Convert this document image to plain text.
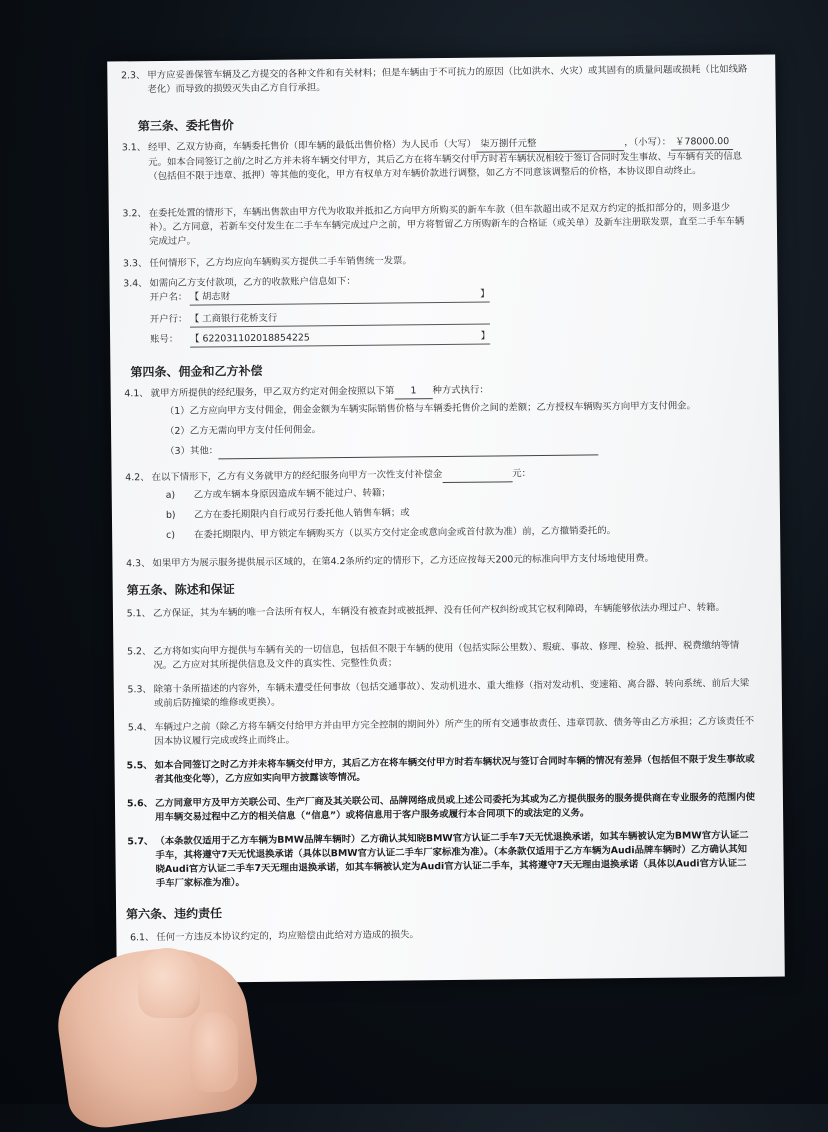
2.3、 甲方应妥善保管车辆及乙方提交的各种文件和有关材料；但是车辆由于不可抗力的原因（比如洪水、火灾）或其固有的质量问题或损耗（比如线路老化）而导致的损毁灭失由乙方自行承担。
第三条、委托售价
3.1、 经甲、乙双方协商，车辆委托售价（即车辆的最低出售价格）为人民币（大写） 柒万捌仟元整	，（小写）： ￥78000.00元。如本合同签订之前/之时乙方并未将车辆交付甲方，其后乙方在将车辆交付甲方时若车辆状况相较于签订合同时发生事故、与车辆有关的信息（包括但不限于违章、抵押）等其他的变化，甲方有权单方对车辆价款进行调整，如乙方不同意该调整后的价格，本协议即自动终止。
3.2、 在委托处置的情形下，车辆出售款由甲方代为收取并抵扣乙方向甲方所购买的新车车款（但车款超出或不足双方约定的抵扣部分的，则多退少补）。乙方同意，若新车交付发生在二手车车辆完成过户之前，甲方将暂留乙方所购新车的合格证（或关单）及新车注册联发票，直至二手车车辆完成过户。
3.3、 任何情形下，乙方均应向车辆购买方提供二手车销售统一发票。
3.4、 如需向乙方支付款项，乙方的收款账户信息如下：
开户名： 【 胡志财	】
开户行： 【 工商银行花桥支行
账号： 【 622031102018854225	】
第四条、佣金和乙方补偿
4.1、 就甲方所提供的经纪服务，甲乙双方约定对佣金按照以下第 1 种方式执行：
（1）乙方应向甲方支付佣金，佣金金额为车辆实际销售价格与车辆委托售价之间的差额；乙方授权车辆购买方向甲方支付佣金。
（2）乙方无需向甲方支付任何佣金。
（3）其他：
4.2、 在以下情形下，乙方有义务就甲方的经纪服务向甲方一次性支付补偿金	元：
a) 乙方或车辆本身原因造成车辆不能过户、转籍；
b) 乙方在委托期限内自行或另行委托他人销售车辆；或
c) 在委托期限内、甲方锁定车辆购买方（以买方交付定金或意向金或首付款为准）前，乙方撤销委托的。
4.3、 如果甲方为展示服务提供展示区域的，在第4.2条所约定的情形下，乙方还应按每天200元的标准向甲方支付场地使用费。
第五条、陈述和保证
5.1、 乙方保证，其为车辆的唯一合法所有权人，车辆没有被查封或被抵押、没有任何产权纠纷或其它权利障碍，车辆能够依法办理过户、转籍。
5.2、 乙方将如实向甲方提供与车辆有关的一切信息，包括但不限于车辆的使用（包括实际公里数）、瑕疵、事故、修理、检验、抵押、税费缴纳等情况。乙方应对其所提供信息及文件的真实性、完整性负责；
5.3、 除第十条所描述的内容外，车辆未遭受任何事故（包括交通事故）、发动机进水、重大维修（指对发动机、变速箱、离合器、转向系统、前后大梁或前后防撞梁的维修或更换）。
5.4、 车辆过户之前（除乙方将车辆交付给甲方并由甲方完全控制的期间外）所产生的所有交通事故责任、违章罚款、债务等由乙方承担；乙方该责任不因本协议履行完成或终止而终止。
5.5、 如本合同签订之时乙方并未将车辆交付甲方，其后乙方在将车辆交付甲方时若车辆状况与签订合同时车辆的情况有差异（包括但不限于发生事故或者其他变化等），乙方应如实向甲方披露该等情况。
5.6、 乙方同意甲方及甲方关联公司、生产厂商及其关联公司、品牌网络成员或上述公司委托为其或为乙方提供服务的服务提供商在专业服务的范围内使用车辆交易过程中乙方的相关信息（“信息”）或将信息用于客户服务或履行本合同项下的或法定的义务。
5.7、 （本条款仅适用于乙方车辆为BMW品牌车辆时）乙方确认其知晓BMW官方认证二手车7天无忧退换承诺，如其车辆被认定为BMW官方认证二手车，其将遵守7天无忧退换承诺（具体以BMW官方认证二手车厂家标准为准）。（本条款仅适用于乙方车辆为Audi品牌车辆时）乙方确认其知晓Audi官方认证二手车7天无理由退换承诺，如其车辆被认定为Audi官方认证二手车，其将遵守7天无理由退换承诺（具体以Audi官方认证二手车厂家标准为准）。
第六条、违约责任
6.1、 任何一方违反本协议约定的，均应赔偿由此给对方造成的损失。
